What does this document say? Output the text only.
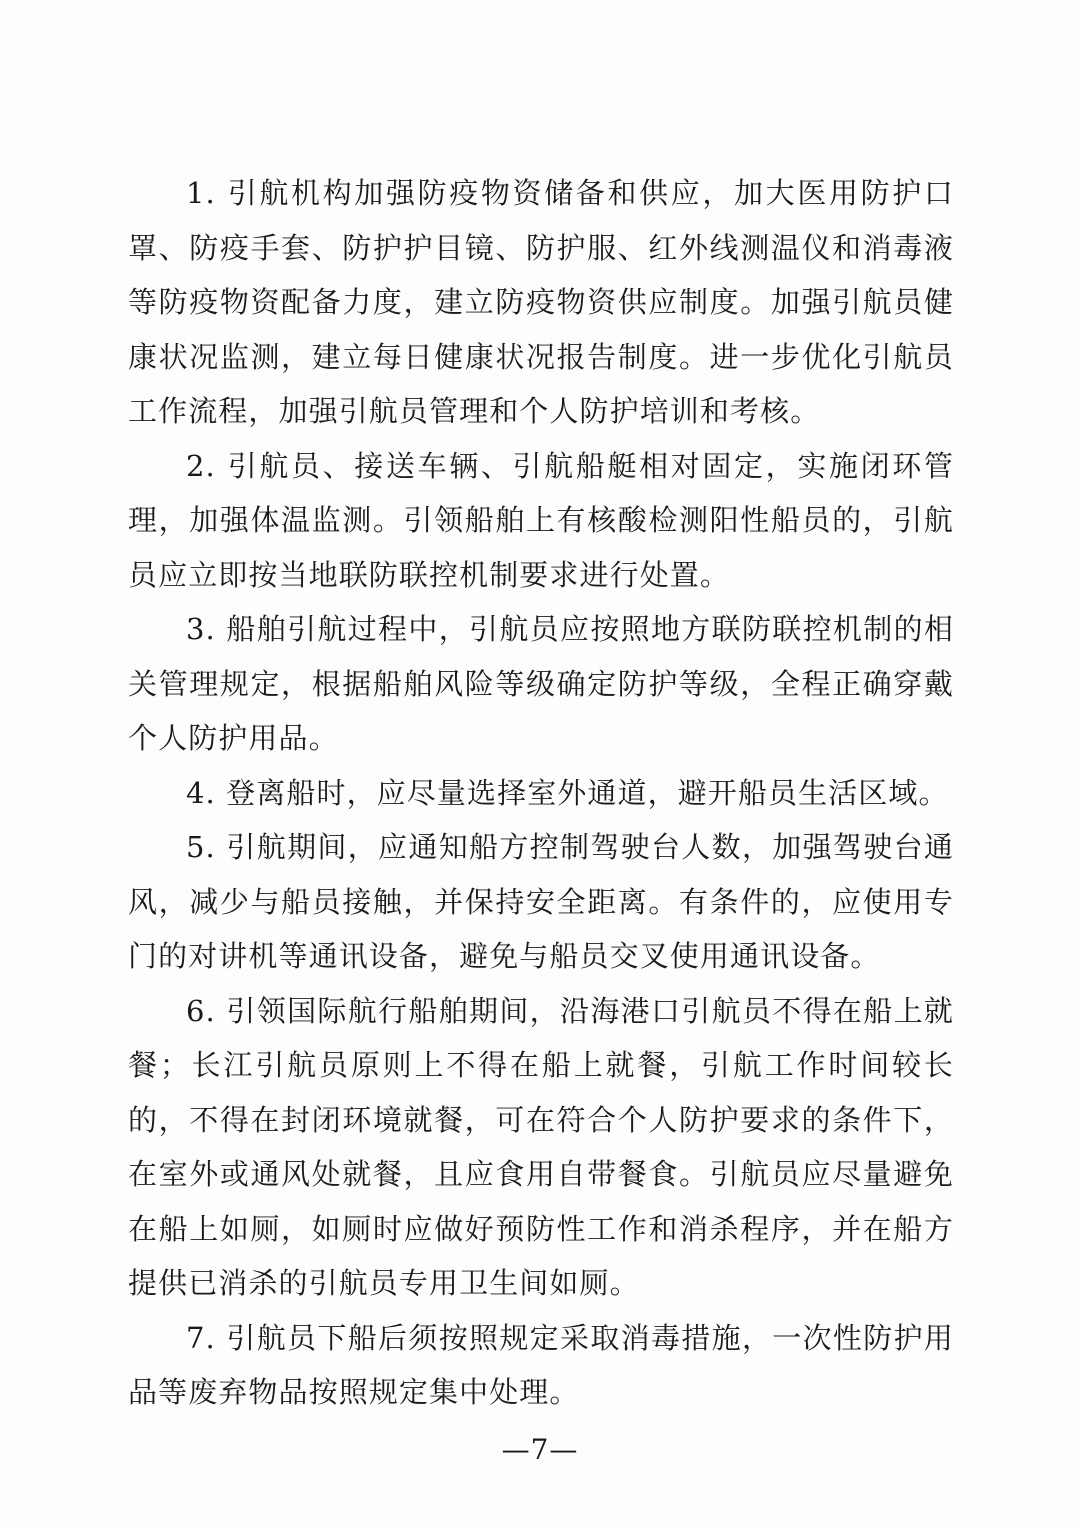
1. 引航机构加强防疫物资储备和供应，加大医用防护口罩、防疫手套、防护护目镜、防护服、红外线测温仪和消毒液等防疫物资配备力度，建立防疫物资供应制度。加强引航员健康状况监测，建立每日健康状况报告制度。进一步优化引航员工作流程，加强引航员管理和个人防护培训和考核。

2. 引航员、接送车辆、引航船艇相对固定，实施闭环管理，加强体温监测。引领船舶上有核酸检测阳性船员的，引航员应立即按当地联防联控机制要求进行处置。

3. 船舶引航过程中，引航员应按照地方联防联控机制的相关管理规定，根据船舶风险等级确定防护等级，全程正确穿戴个人防护用品。

4. 登离船时，应尽量选择室外通道，避开船员生活区域。

5. 引航期间，应通知船方控制驾驶台人数，加强驾驶台通风，减少与船员接触，并保持安全距离。有条件的，应使用专门的对讲机等通讯设备，避免与船员交叉使用通讯设备。

6. 引领国际航行船舶期间，沿海港口引航员不得在船上就餐；长江引航员原则上不得在船上就餐，引航工作时间较长的，不得在封闭环境就餐，可在符合个人防护要求的条件下，在室外或通风处就餐，且应食用自带餐食。引航员应尽量避免在船上如厕，如厕时应做好预防性工作和消杀程序，并在船方提供已消杀的引航员专用卫生间如厕。

7. 引航员下船后须按照规定采取消毒措施，一次性防护用品等废弃物品按照规定集中处理。

—7—
